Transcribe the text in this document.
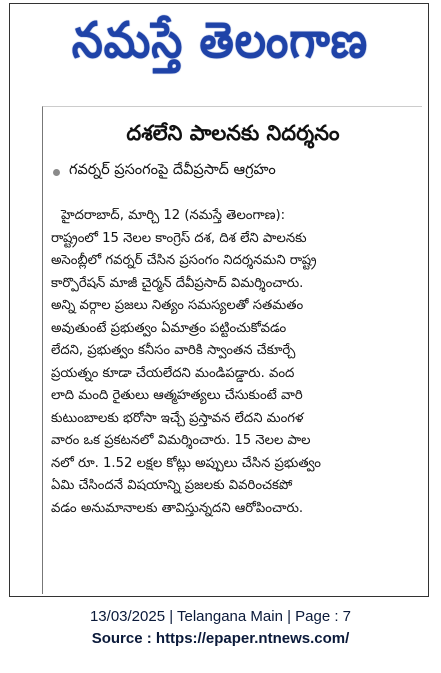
నమస్తే తెలంగాణ
దశలేని పాలనకు నిదర్శనం
గవర్నర్ ప్రసంగంపై దేవీప్రసాద్ ఆగ్రహం
హైదరాబాద్, మార్చి 12 (నమస్తే తెలంగాణ):
రాష్ట్రంలో 15 నెలల కాంగ్రెస్ దశ, దిశ లేని పాలనకు
అసెంబ్లీలో గవర్నర్ చేసిన ప్రసంగం నిదర్శనమని రాష్ట్ర
కార్పొరేషన్ మాజీ చైర్మన్ దేవీప్రసాద్ విమర్శించారు.
అన్ని వర్గాల ప్రజలు నిత్యం సమస్యలతో సతమతం
అవుతుంటే ప్రభుత్వం ఏమాత్రం పట్టించుకోవడం
లేదని, ప్రభుత్వం కనీసం వారికి స్వాంతన చేకూర్చే
ప్రయత్నం కూడా చేయలేదని మండిపడ్డారు. వంద
లాది మంది రైతులు ఆత్మహత్యలు చేసుకుంటే వారి
కుటుంబాలకు భరోసా ఇచ్చే ప్రస్తావన లేదని మంగళ
వారం ఒక ప్రకటనలో విమర్శించారు. 15 నెలల పాల
నలో రూ. 1.52 లక్షల కోట్లు అప్పులు చేసిన ప్రభుత్వం
ఏమి చేసిందనే విషయాన్ని ప్రజలకు వివరించకపో
వడం అనుమానాలకు తావిస్తున్నదని ఆరోపించారు.
13/03/2025 | Telangana Main | Page : 7
Source : https://epaper.ntnews.com/
